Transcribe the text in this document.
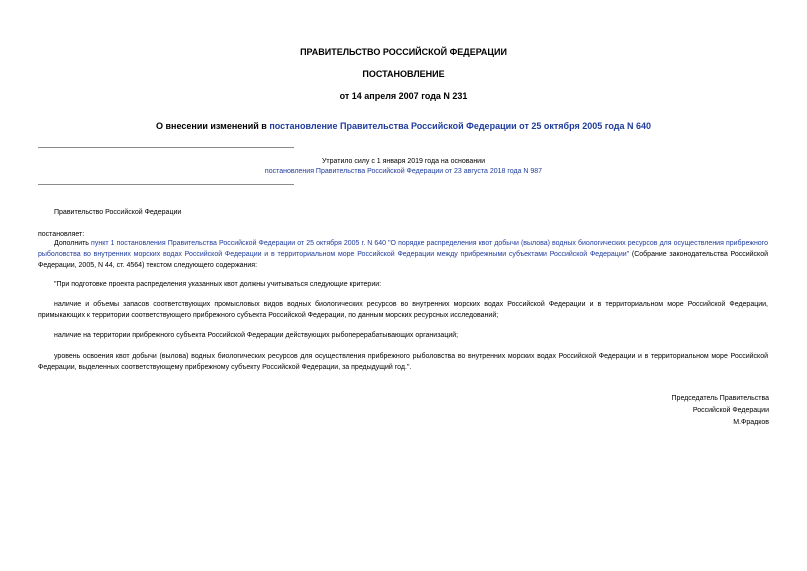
ПРАВИТЕЛЬСТВО РОССИЙСКОЙ ФЕДЕРАЦИИ
ПОСТАНОВЛЕНИЕ
от 14 апреля 2007 года N 231
О внесении изменений в постановление Правительства Российской Федерации от 25 октября 2005 года N 640
Утратило силу с 1 января 2019 года на основании
постановления Правительства Российской Федерации от 23 августа 2018 года N 987
Правительство Российской Федерации
постановляет:
Дополнить пункт 1 постановления Правительства Российской Федерации от 25 октября 2005 г. N 640 "О порядке распределения квот добычи (вылова) водных биологических ресурсов для осуществления прибрежного рыболовства во внутренних морских водах Российской Федерации и в территориальном море Российской Федерации между прибрежными субъектами Российской Федерации" (Собрание законодательства Российской Федерации, 2005, N 44, ст. 4564) текстом следующего содержания:
"При подготовке проекта распределения указанных квот должны учитываться следующие критерии:
наличие и объемы запасов соответствующих промысловых видов водных биологических ресурсов во внутренних морских водах Российской Федерации и в территориальном море Российской Федерации, примыкающих к территории соответствующего прибрежного субъекта Российской Федерации, по данным морских ресурсных исследований;
наличие на территории прибрежного субъекта Российской Федерации действующих рыбоперерабатывающих организаций;
уровень освоения квот добычи (вылова) водных биологических ресурсов для осуществления прибрежного рыболовства во внутренних морских водах Российской Федерации и в территориальном море Российской Федерации, выделенных соответствующему прибрежному субъекту Российской Федерации, за предыдущий год.".
Председатель Правительства
Российской Федерации
М.Фрадков
